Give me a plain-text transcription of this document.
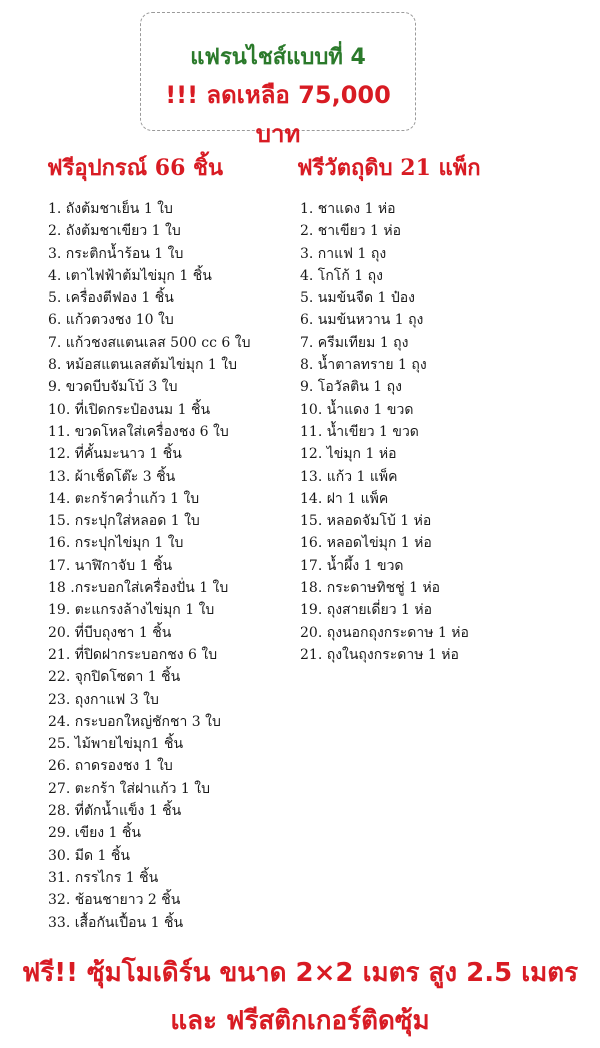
แฟรนไชส์แบบที่ 4
!!! ลดเหลือ 75,000 บาท
ฟรีอุปกรณ์ 66 ชิ้น	ฟรีวัตถุดิบ 21 แพ็ก
1. ถังต้มชาเย็น 1 ใบ
2. ถังต้มชาเขียว 1 ใบ
3. กระติกน้ำร้อน 1 ใบ
4. เตาไฟฟ้าต้มไข่มุก 1 ชิ้น
5. เครื่องตีฟอง 1 ชิ้น
6. แก้วตวงชง 10 ใบ
7. แก้วชงสแตนเลส 500 cc 6 ใบ
8. หม้อสแตนเลสต้มไข่มุก 1 ใบ
9. ขวดบีบจัมโบ้ 3 ใบ
10. ที่เปิดกระป๋องนม 1 ชิ้น
11. ขวดโหลใส่เครื่องชง 6 ใบ
12. ที่คั้นมะนาว 1 ชิ้น
13. ผ้าเช็ดโต๊ะ 3 ชิ้น
14. ตะกร้าคว่ำแก้ว 1 ใบ
15. กระปุกใส่หลอด 1 ใบ
16. กระปุกไข่มุก 1 ใบ
17. นาฬิกาจับ 1 ชิ้น
18 .กระบอกใส่เครื่องปั่น 1 ใบ
19. ตะแกรงล้างไข่มุก 1 ใบ
20. ที่บีบถุงชา 1 ชิ้น
21. ที่ปิดฝากระบอกชง 6 ใบ
22. จุกปิดโซดา 1 ชิ้น
23. ถุงกาแฟ 3 ใบ
24. กระบอกใหญ่ชักชา 3 ใบ
25. ไม้พายไข่มุก1 ชิ้น
26. ถาดรองชง 1 ใบ
27. ตะกร้า ใส่ฝาแก้ว 1 ใบ
28. ที่ตักน้ำแข็ง 1 ชิ้น
29. เขียง 1 ชิ้น
30. มีด 1 ชิ้น
31. กรรไกร 1 ชิ้น
32. ช้อนชายาว 2 ชิ้น
33. เสื้อกันเปื้อน 1 ชิ้น
1. ชาแดง 1 ห่อ
2. ชาเขียว 1 ห่อ
3. กาแฟ 1 ถุง
4. โกโก้ 1 ถุง
5. นมข้นจืด 1 ป๋อง
6. นมข้นหวาน 1 ถุง
7. ครีมเทียม 1 ถุง
8. น้ำตาลทราย 1 ถุง
9. โอวัลติน 1 ถุง
10. น้ำแดง 1 ขวด
11. น้ำเขียว 1 ขวด
12. ไข่มุก 1 ห่อ
13. แก้ว 1 แพ็ค
14. ฝา 1 แพ็ค
15. หลอดจัมโบ้ 1 ห่อ
16. หลอดไข่มุก 1 ห่อ
17. น้ำผึ้ง 1 ขวด
18. กระดาษทิชชู่ 1 ห่อ
19. ถุงสายเดี่ยว 1 ห่อ
20. ถุงนอกถุงกระดาษ 1 ห่อ
21. ถุงในถุงกระดาษ 1 ห่อ
ฟรี!! ซุ้มโมเดิร์น ขนาด 2×2 เมตร สูง 2.5 เมตร
และ ฟรีสติกเกอร์ติดซุ้ม
